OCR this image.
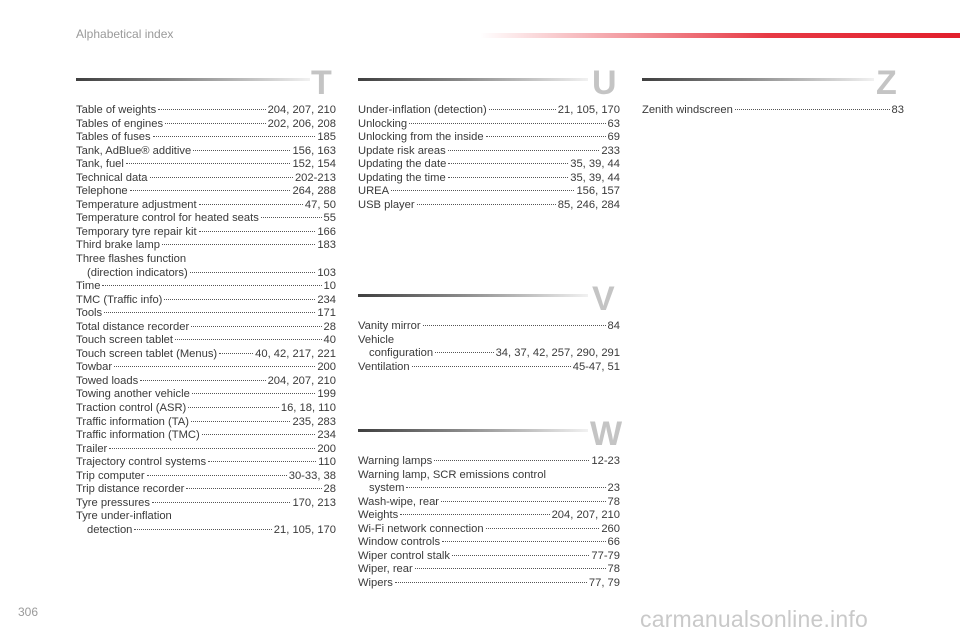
Alphabetical index
T
Table of weights	204, 207, 210
Tables of engines	202, 206, 208
Tables of fuses	185
Tank, AdBlue® additive	156, 163
Tank, fuel	152, 154
Technical data	202-213
Telephone	264, 288
Temperature adjustment	47, 50
Temperature control for heated seats	55
Temporary tyre repair kit	166
Third brake lamp	183
Three flashes function
(direction indicators)	103
Time	10
TMC (Traffic info)	234
Tools	171
Total distance recorder	28
Touch screen tablet	40
Touch screen tablet (Menus)	40, 42, 217, 221
Towbar	200
Towed loads	204, 207, 210
Towing another vehicle	199
Traction control (ASR)	16, 18, 110
Traffic information (TA)	235, 283
Traffic information (TMC)	234
Trailer	200
Trajectory control systems	110
Trip computer	30-33, 38
Trip distance recorder	28
Tyre pressures	170, 213
Tyre under-inflation
detection	21, 105, 170
U
Under-inflation (detection)	21, 105, 170
Unlocking	63
Unlocking from the inside	69
Update risk areas	233
Updating the date	35, 39, 44
Updating the time	35, 39, 44
UREA	156, 157
USB player	85, 246, 284
V
Vanity mirror	84
Vehicle
configuration	34, 37, 42, 257, 290, 291
Ventilation	45-47, 51
W
Warning lamps	12-23
Warning lamp, SCR emissions control
system	23
Wash-wipe, rear	78
Weights	204, 207, 210
Wi-Fi network connection	260
Window controls	66
Wiper control stalk	77-79
Wiper, rear	78
Wipers	77, 79
Z
Zenith windscreen	83
306	carmanualsonline.info
